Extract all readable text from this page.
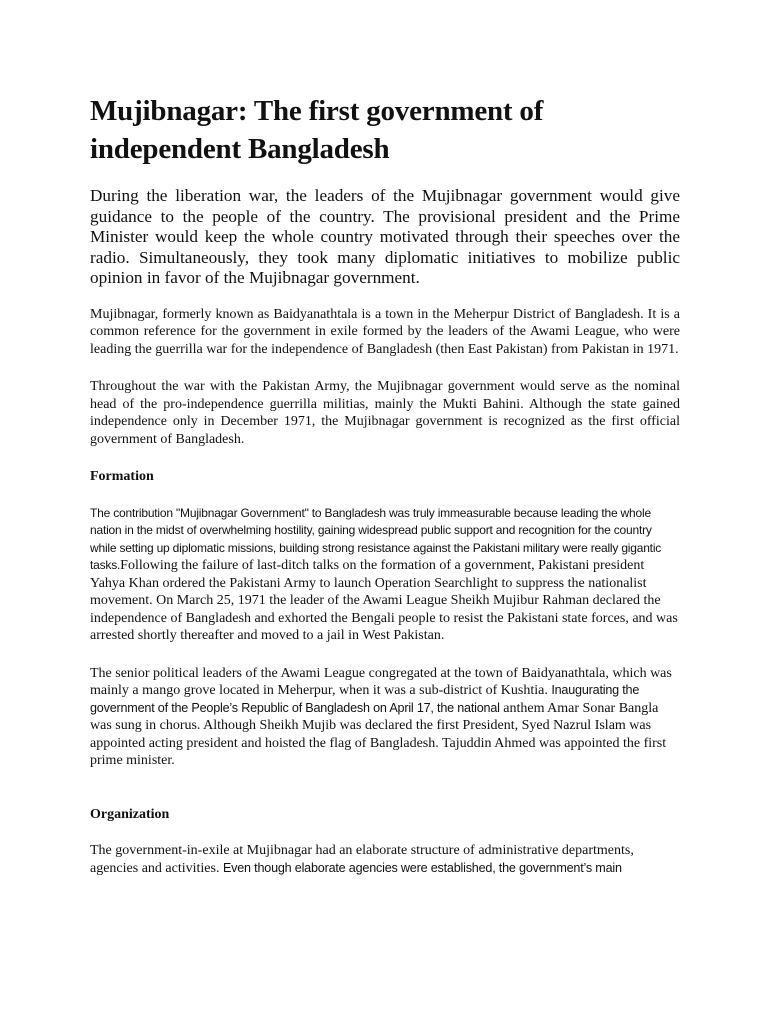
Mujibnagar: The first government of
independent Bangladesh

During the liberation war, the leaders of the Mujibnagar government would give guidance to the people of the country. The provisional president and the Prime Minister would keep the whole country motivated through their speeches over the radio. Simultaneously, they took many diplomatic initiatives to mobilize public opinion in favor of the Mujibnagar government.

Mujibnagar, formerly known as Baidyanathtala is a town in the Meherpur District of Bangladesh. It is a common reference for the government in exile formed by the leaders of the Awami League, who were leading the guerrilla war for the independence of Bangladesh (then East Pakistan) from Pakistan in 1971.

Throughout the war with the Pakistan Army, the Mujibnagar government would serve as the nominal head of the pro-independence guerrilla militias, mainly the Mukti Bahini. Although the state gained independence only in December 1971, the Mujibnagar government is recognized as the first official government of Bangladesh.

Formation

The contribution "Mujibnagar Government" to Bangladesh was truly immeasurable because leading the whole nation in the midst of overwhelming hostility, gaining widespread public support and recognition for the country while setting up diplomatic missions, building strong resistance against the Pakistani military were really gigantic tasks.Following the failure of last-ditch talks on the formation of a government, Pakistani president Yahya Khan ordered the Pakistani Army to launch Operation Searchlight to suppress the nationalist movement. On March 25, 1971 the leader of the Awami League Sheikh Mujibur Rahman declared the independence of Bangladesh and exhorted the Bengali people to resist the Pakistani state forces, and was arrested shortly thereafter and moved to a jail in West Pakistan.

The senior political leaders of the Awami League congregated at the town of Baidyanathtala, which was mainly a mango grove located in Meherpur, when it was a sub-district of Kushtia. Inaugurating the government of the People’s Republic of Bangladesh on April 17, the national anthem Amar Sonar Bangla was sung in chorus. Although Sheikh Mujib was declared the first President, Syed Nazrul Islam was appointed acting president and hoisted the flag of Bangladesh. Tajuddin Ahmed was appointed the first prime minister.

Organization

The government-in-exile at Mujibnagar had an elaborate structure of administrative departments, agencies and activities. Even though elaborate agencies were established, the government’s main
